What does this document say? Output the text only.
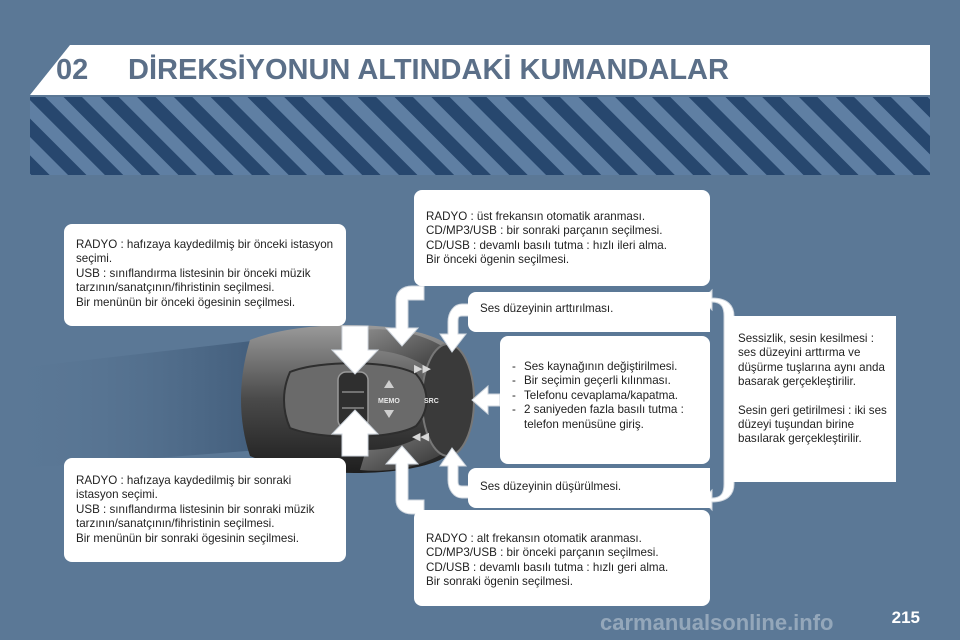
02 DİREKSİYONUN ALTINDAKİ KUMANDALAR
▶▶
◀◀
MEMO	SRC

RADYO : hafızaya kaydedilmiş bir önceki istasyon seçimi.

USB : sınıflandırma listesinin bir önceki müzik tarzının/sanatçının/fihristinin seçilmesi.

Bir menünün bir önceki ögesinin seçilmesi.

RADYO : hafızaya kaydedilmiş bir sonraki istasyon seçimi.

USB : sınıflandırma listesinin bir sonraki müzik tarzının/sanatçının/fihristinin seçilmesi.

Bir menünün bir sonraki ögesinin seçilmesi.

RADYO : üst frekansın otomatik aranması.

CD/MP3/USB : bir sonraki parçanın seçilmesi.

CD/USB : devamlı basılı tutma : hızlı ileri alma.

Bir önceki ögenin seçilmesi.

Ses düzeyinin arttırılması.

- Ses kaynağının değiştirilmesi.
- Bir seçimin geçerli kılınması.
- Telefonu cevaplama/kapatma.
- 2 saniyeden fazla basılı tutma : telefon menüsüne giriş.

Ses düzeyinin düşürülmesi.

RADYO : alt frekansın otomatik aranması.

CD/MP3/USB : bir önceki parçanın seçilmesi.

CD/USB : devamlı basılı tutma : hızlı geri alma.

Bir sonraki ögenin seçilmesi.

Sessizlik, sesin kesilmesi : ses düzeyini arttırma ve düşürme tuşlarına aynı anda basarak gerçekleştirilir.

Sesin geri getirilmesi : iki ses düzeyi tuşundan birine basılarak gerçekleştirilir.

carmanualsonline.info	215
